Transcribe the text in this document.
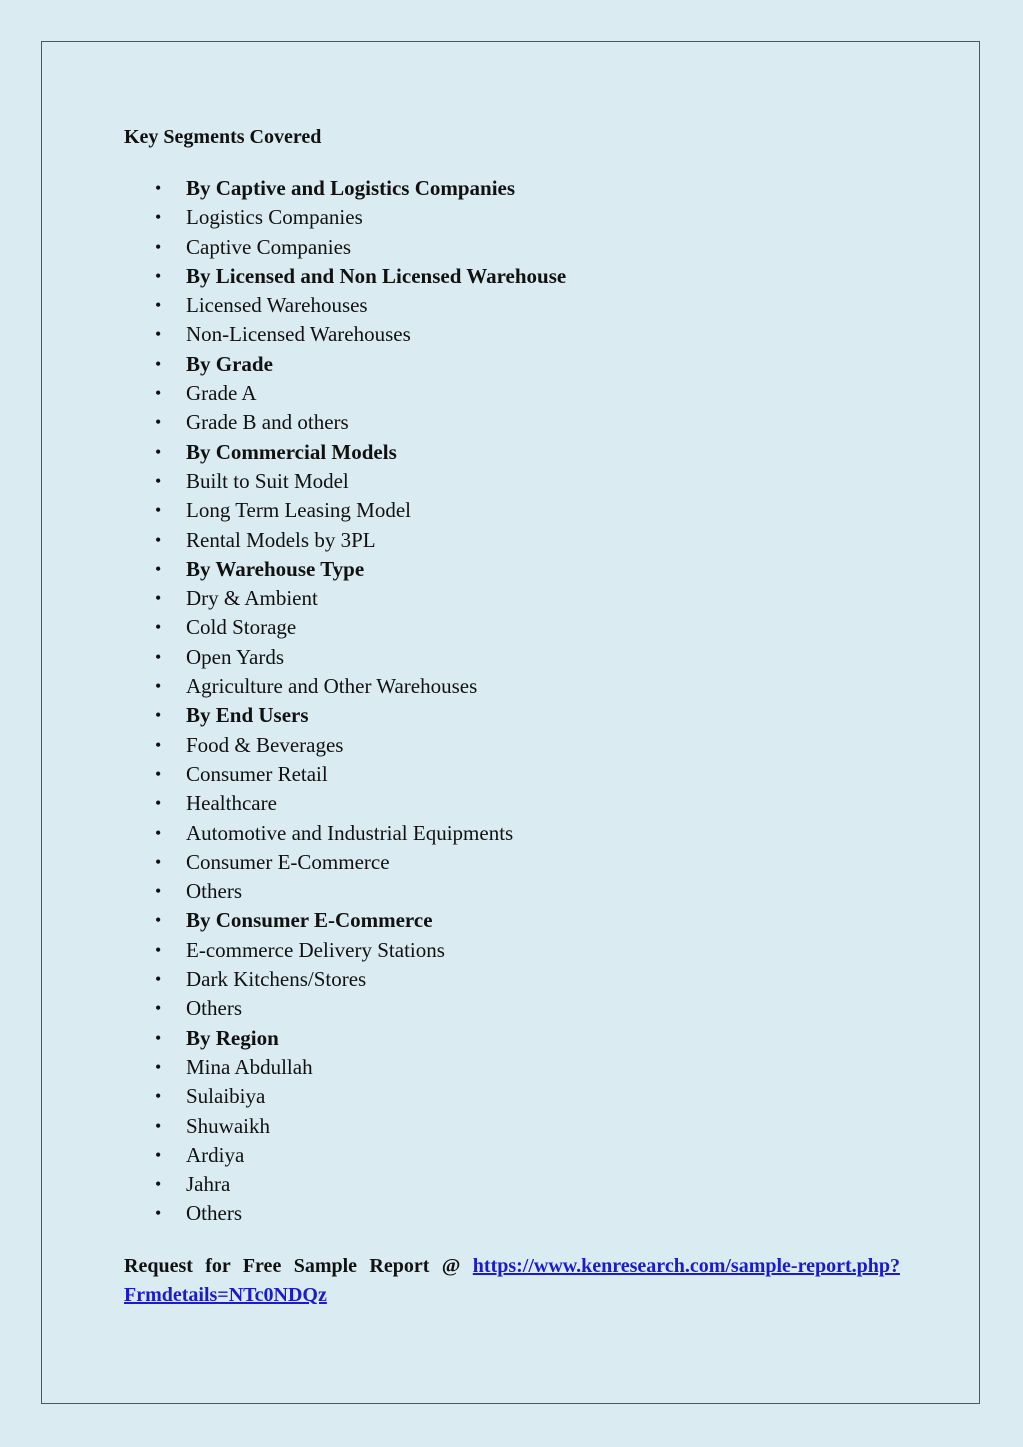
Key Segments Covered
• By Captive and Logistics Companies
• Logistics Companies
• Captive Companies
• By Licensed and Non Licensed Warehouse
• Licensed Warehouses
• Non-Licensed Warehouses
• By Grade
• Grade A
• Grade B and others
• By Commercial Models
• Built to Suit Model
• Long Term Leasing Model
• Rental Models by 3PL
• By Warehouse Type
• Dry & Ambient
• Cold Storage
• Open Yards
• Agriculture and Other Warehouses
• By End Users
• Food & Beverages
• Consumer Retail
• Healthcare
• Automotive and Industrial Equipments
• Consumer E-Commerce
• Others
• By Consumer E-Commerce
• E-commerce Delivery Stations
• Dark Kitchens/Stores
• Others
• By Region
• Mina Abdullah
• Sulaibiya
• Shuwaikh
• Ardiya
• Jahra
• Others

Request for Free Sample Report @ https://www.kenresearch.com/sample-report.php?Frmdetails=NTc0NDQz
